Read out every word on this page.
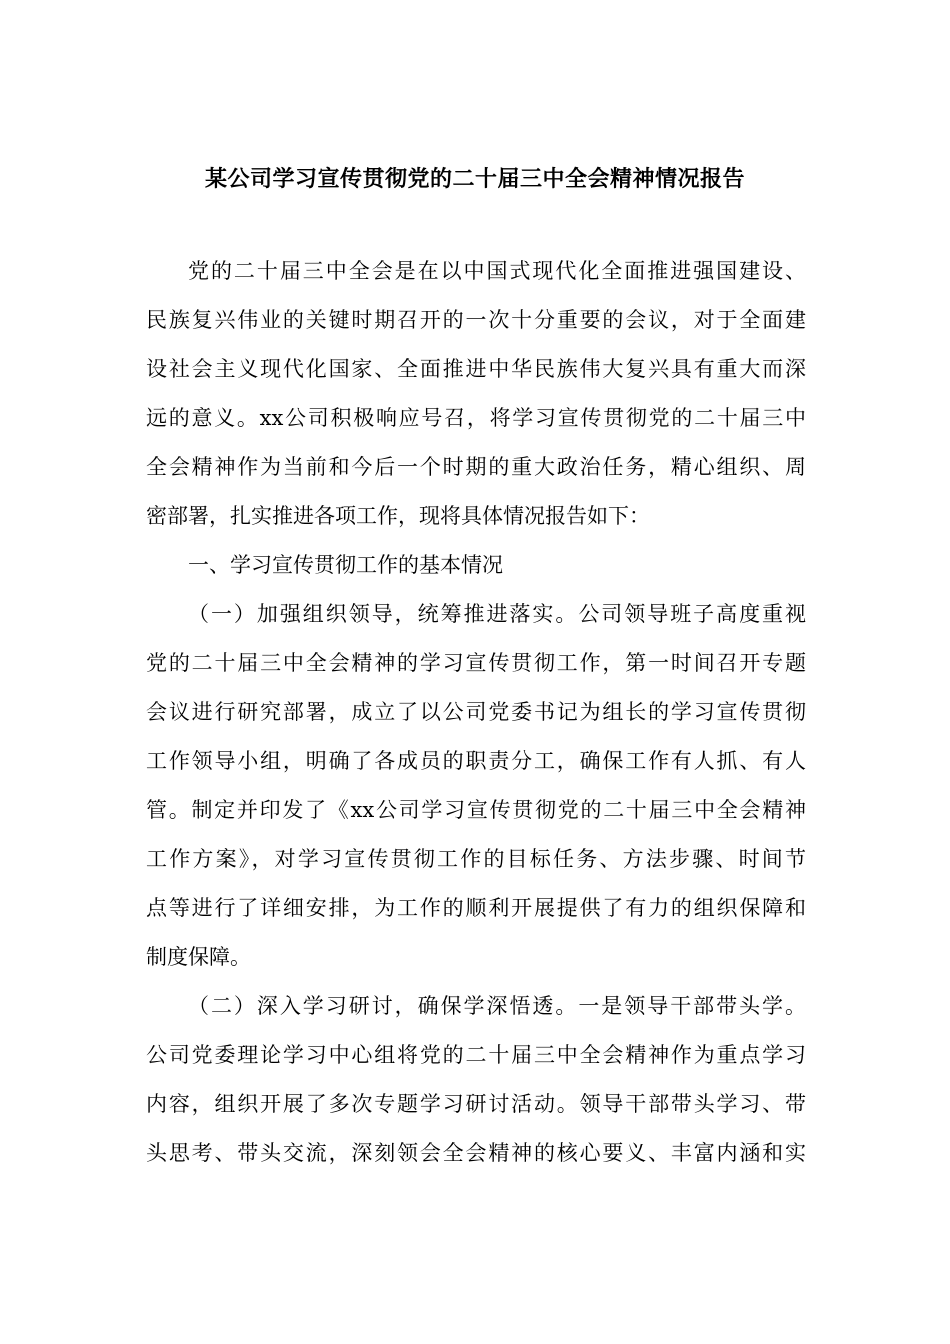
某公司学习宣传贯彻党的二十届三中全会精神情况报告
党的二十届三中全会是在以中国式现代化全面推进强国建设、
民族复兴伟业的关键时期召开的一次十分重要的会议，对于全面建
设社会主义现代化国家、全面推进中华民族伟大复兴具有重大而深
远的意义。xx公司积极响应号召，将学习宣传贯彻党的二十届三中
全会精神作为当前和今后一个时期的重大政治任务，精心组织、周
密部署，扎实推进各项工作，现将具体情况报告如下：
一、学习宣传贯彻工作的基本情况
（一）加强组织领导，统筹推进落实。公司领导班子高度重视
党的二十届三中全会精神的学习宣传贯彻工作，第一时间召开专题
会议进行研究部署，成立了以公司党委书记为组长的学习宣传贯彻
工作领导小组，明确了各成员的职责分工，确保工作有人抓、有人
管。制定并印发了《xx公司学习宣传贯彻党的二十届三中全会精神
工作方案》，对学习宣传贯彻工作的目标任务、方法步骤、时间节
点等进行了详细安排，为工作的顺利开展提供了有力的组织保障和
制度保障。
（二）深入学习研讨，确保学深悟透。一是领导干部带头学。
公司党委理论学习中心组将党的二十届三中全会精神作为重点学习
内容，组织开展了多次专题学习研讨活动。领导干部带头学习、带
头思考、带头交流，深刻领会全会精神的核心要义、丰富内涵和实
